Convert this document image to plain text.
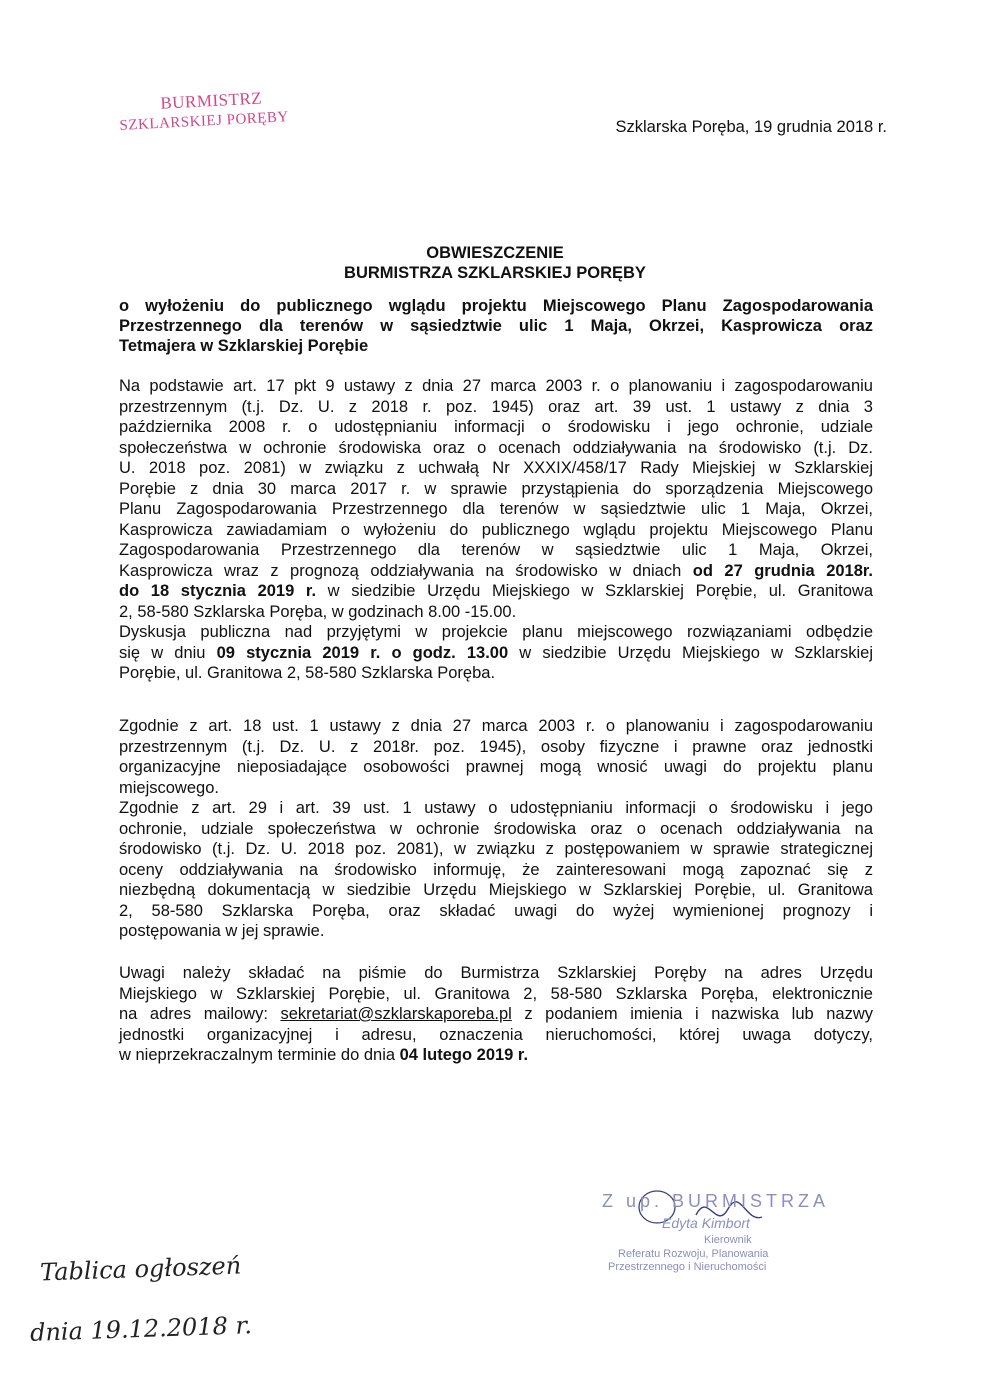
BURMISTRZ
SZKLARSKIEJ PORĘBY	Szklarska Poręba, 19 grudnia 2018 r.
OBWIESZCZENIE
BURMISTRZA SZKLARSKIEJ PORĘBY
o wyłożeniu do publicznego wglądu projektu Miejscowego Planu Zagospodarowania
Przestrzennego dla terenów w sąsiedztwie ulic 1 Maja, Okrzei, Kasprowicza oraz
Tetmajera w Szklarskiej Porębie
Na podstawie art. 17 pkt 9 ustawy z dnia 27 marca 2003 r. o planowaniu i zagospodarowaniu
przestrzennym (t.j. Dz. U. z 2018 r. poz. 1945) oraz art. 39 ust. 1 ustawy z dnia 3
października 2008 r. o udostępnianiu informacji o środowisku i jego ochronie, udziale
społeczeństwa w ochronie środowiska oraz o ocenach oddziaływania na środowisko (t.j. Dz.
U. 2018 poz. 2081) w związku z uchwałą Nr XXXIX/458/17 Rady Miejskiej w Szklarskiej
Porębie z dnia 30 marca 2017 r. w sprawie przystąpienia do sporządzenia Miejscowego
Planu Zagospodarowania Przestrzennego dla terenów w sąsiedztwie ulic 1 Maja, Okrzei,
Kasprowicza zawiadamiam o wyłożeniu do publicznego wglądu projektu Miejscowego Planu
Zagospodarowania Przestrzennego dla terenów w sąsiedztwie ulic 1 Maja, Okrzei,
Kasprowicza wraz z prognozą oddziaływania na środowisko w dniach od 27 grudnia 2018r.
do 18 stycznia 2019 r. w siedzibie Urzędu Miejskiego w Szklarskiej Porębie, ul. Granitowa
2, 58-580 Szklarska Poręba, w godzinach 8.00 -15.00.
Dyskusja publiczna nad przyjętymi w projekcie planu miejscowego rozwiązaniami odbędzie
się w dniu 09 stycznia 2019 r. o godz. 13.00 w siedzibie Urzędu Miejskiego w Szklarskiej
Porębie, ul. Granitowa 2, 58-580 Szklarska Poręba.
Zgodnie z art. 18 ust. 1 ustawy z dnia 27 marca 2003 r. o planowaniu i zagospodarowaniu
przestrzennym (t.j. Dz. U. z 2018r. poz. 1945), osoby fizyczne i prawne oraz jednostki
organizacyjne nieposiadające osobowości prawnej mogą wnosić uwagi do projektu planu
miejscowego.
Zgodnie z art. 29 i art. 39 ust. 1 ustawy o udostępnianiu informacji o środowisku i jego
ochronie, udziale społeczeństwa w ochronie środowiska oraz o ocenach oddziaływania na
środowisko (t.j. Dz. U. 2018 poz. 2081), w związku z postępowaniem w sprawie strategicznej
oceny oddziaływania na środowisko informuję, że zainteresowani mogą zapoznać się z
niezbędną dokumentacją w siedzibie Urzędu Miejskiego w Szklarskiej Porębie, ul. Granitowa
2, 58-580 Szklarska Poręba, oraz składać uwagi do wyżej wymienionej prognozy i
postępowania w jej sprawie.
Uwagi należy składać na piśmie do Burmistrza Szklarskiej Poręby na adres Urzędu
Miejskiego w Szklarskiej Porębie, ul. Granitowa 2, 58-580 Szklarska Poręba, elektronicznie
na adres mailowy: sekretariat@szklarskaporeba.pl z podaniem imienia i nazwiska lub nazwy
jednostki organizacyjnej i adresu, oznaczenia nieruchomości, której uwaga dotyczy,
w nieprzekraczalnym terminie do dnia 04 lutego 2019 r.
Z up. BURMISTRZA
Edyta Kimbort
Kierownik
Referatu Rozwoju, Planowania
Przestrzennego i Nieruchomości
Tablica ogłoszeń
dnia 19.12.2018 r.
